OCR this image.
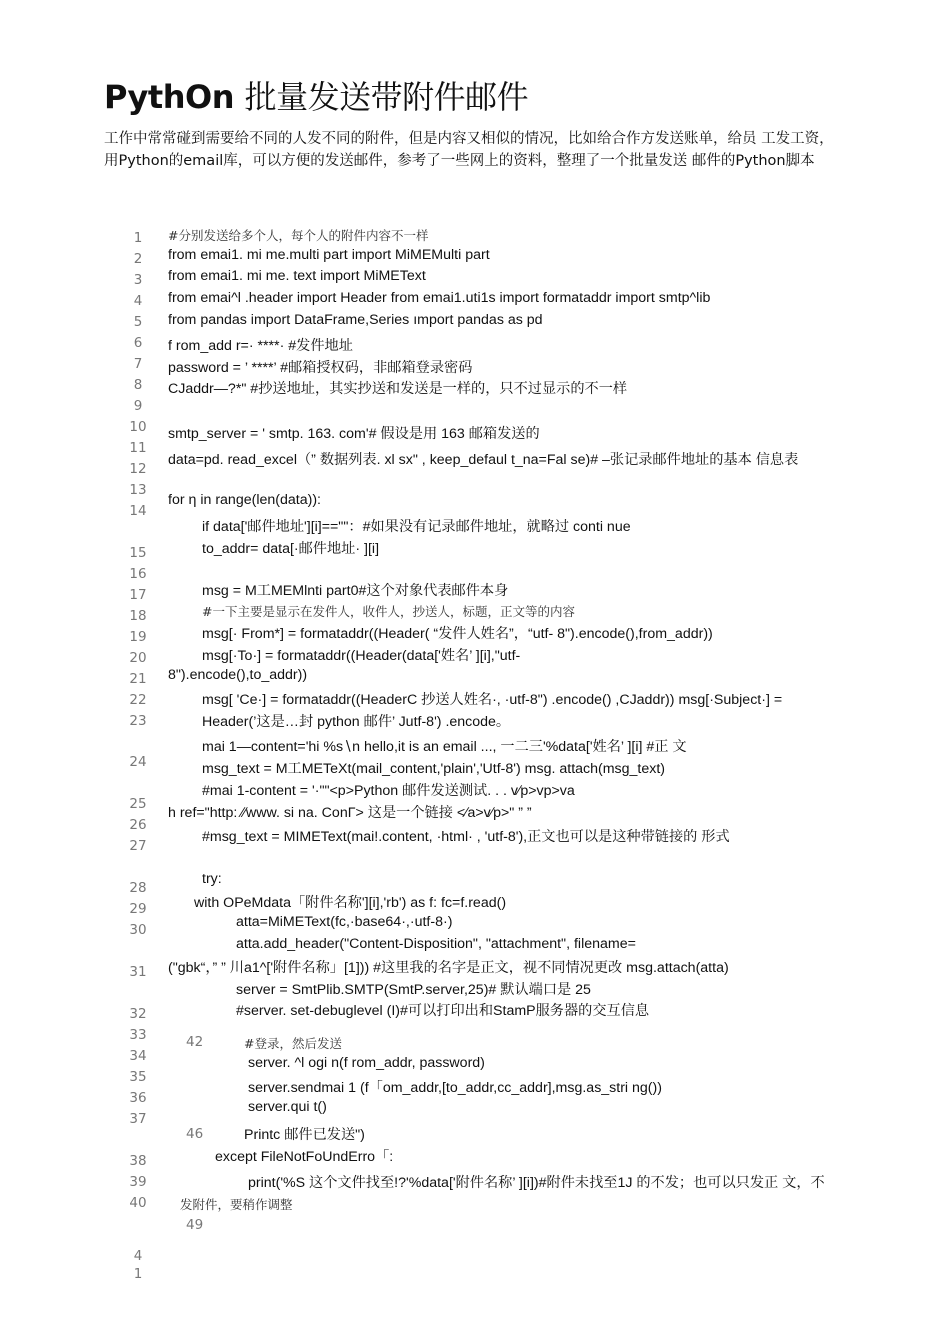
PythOn 批量发送带附件邮件

工作中常常碰到需要给不同的人发不同的附件，但是内容又相似的情况，比如给合作方发送账单，给员 工发工资，用Python的email库，可以方便的发送邮件，参考了一些网上的资料，整理了一个批量发送 邮件的Python脚本

1
2
3
4
5
6
7
8
9
10
11
12
13
14
15
16
17
18
19
20
21
22
23
24
25
26
27
28
29
30
31
32
33
34
35
36
37
38
39
40
4
1
42
46
49
#分别发送给多个人，每个人的附件内容不一样
from emai1. mi me.multi part import MiMEMulti part
from emai1. mi me. text import MiMEText
from emai^l .header import Header from emai1.uti1s import formataddr import smtp^lib
from pandas import DataFrame,Series ımport pandas as pd
f rom_add r=· ****· #发件地址
password = ’ ****’ #邮箱授权码，非邮箱登录密码
CJaddr—?*" #抄送地址，其实抄送和发送是一样的，只不过显示的不一样
smtp_server = ' smtp. 163. com'# 假设是用 163 邮箱发送的
data=pd. read_excel（” 数据列表. xl sx" , keep_defaul t_na=Fal se)# –张记录邮件地址的基本 信息表
for η in range(len(data)):
if data['邮件地址'][i]==""：#如果没有记录邮件地址，就略过 conti nue
to_addr= data[·邮件地址· ][i]
msg = M工MEMlnti part0#这个对象代表邮件本身
#一下主要是显示在发件人，收件人，抄送人，标题，正文等的内容
msg[· From*] = formataddr((Header( “发件人姓名”，“utf- 8").encode(),from_addr))
msg[·To·] = formataddr((Header(data['姓名’ ][i],"utf-
8").encode(),to_addr))
msg[ 'Ce·] = formataddr((HeaderC 抄送人姓名·, ·utf-8") .encode() ,CJaddr)) msg[·Subject·] =
Header(’这是…封 python 邮件’ Jutf-8') .encode。
mai 1—content='hi %s∖n hello,it is an email ..., 一二三'%data['姓名’ ][i] #正 文
msg_text = M工METeXt(mail_content,'plain','Utf-8') msg. attach(msg_text)
#mai 1-content = '·""<p>Python 邮件发送测试. . . v∕p>vp>va
h ref="http: ∕∕www. si na. ConΓ> 这是一个链接 <∕a>v∕p>" ” ”
#msg_text = MIMEText(mai!.content, ·html· , 'utf-8'),正文也可以是这种带链接的 形式
try:
with OPeMdata「附件名称'][i],'rb') as f: fc=f.read()
atta=MiMEText(fc,·base64·,·utf-8·)
atta.add_header("Content-Disposition", "attachment", filename=
("gbk“，” ” 川a1^['附件名称」[1])) #这里我的名字是正文，视不同情况更改 msg.attach(atta)
server = SmtPlib.SMTP(SmtP.server,25)# 默认端口是 25
#server. set-debuglevel (I)#可以打印出和StamP服务器的交互信息
#登录，然后发送
server. ^l ogi n(f rom_addr, password)
server.sendmai 1 (f「om_addr,[to_addr,cc_addr],msg.as_stri ng())
server.qui t()
Printc 邮件已发送")
except FileNotFoUndErro「:
print('%S 这个文件找至!?'%data['附件名称’ ][i])#附件未找至1J 的不发；也可以只发正 文，不
发附件，要稍作调整
